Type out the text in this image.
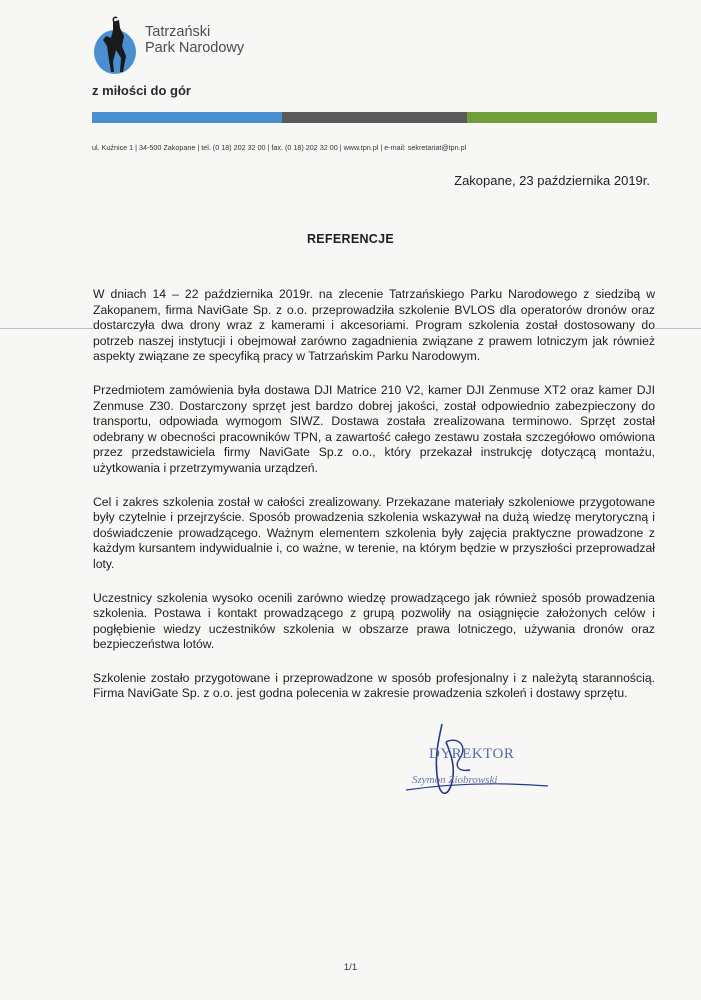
Tatrzański
Park Narodowy
z miłości do gór
ul. Kuźnice 1 | 34-500 Zakopane | tel. (0 18) 202 32 00 | fax. (0 18) 202 32 00 | www.tpn.pl | e-mail: sekretariat@tpn.pl
Zakopane, 23 października 2019r.
REFERENCJE

W dniach 14 – 22 października 2019r. na zlecenie Tatrzańskiego Parku Narodowego z siedzibą w Zakopanem, firma NaviGate Sp. z o.o. przeprowadziła szkolenie BVLOS dla operatorów dronów oraz dostarczyła dwa drony wraz z kamerami i akcesoriami. Program szkolenia został dostosowany do potrzeb naszej instytucji i obejmował zarówno zagadnienia związane z prawem lotniczym jak również aspekty związane ze specyfiką pracy w Tatrzańskim Parku Narodowym.

Przedmiotem zamówienia była dostawa DJI Matrice 210 V2, kamer DJI Zenmuse XT2 oraz kamer DJI Zenmuse Z30. Dostarczony sprzęt jest bardzo dobrej jakości, został odpowiednio zabezpieczony do transportu, odpowiada wymogom SIWZ. Dostawa została zrealizowana terminowo. Sprzęt został odebrany w obecności pracowników TPN, a zawartość całego zestawu została szczegółowo omówiona przez przedstawiciela firmy NaviGate Sp.z o.o., który przekazał instrukcję dotyczącą montażu, użytkowania i przetrzymywania urządzeń.

Cel i zakres szkolenia został w całości zrealizowany. Przekazane materiały szkoleniowe przygotowane były czytelnie i przejrzyście. Sposób prowadzenia szkolenia wskazywał na dużą wiedzę merytoryczną i doświadczenie prowadzącego. Ważnym elementem szkolenia były zajęcia praktyczne prowadzone z każdym kursantem indywidualnie i, co ważne, w terenie, na którym będzie w przyszłości przeprowadzał loty.

Uczestnicy szkolenia wysoko ocenili zarówno wiedzę prowadzącego jak również sposób prowadzenia szkolenia. Postawa i kontakt prowadzącego z grupą pozwoliły na osiągnięcie założonych celów i pogłębienie wiedzy uczestników szkolenia w obszarze prawa lotniczego, używania dronów oraz bezpieczeństwa lotów.

Szkolenie zostało przygotowane i przeprowadzone w sposób profesjonalny i z należytą starannością. Firma NaviGate Sp. z o.o. jest godna polecenia w zakresie prowadzenia szkoleń i dostawy sprzętu.

DYREKTOR
Szymon Ziobrowski
1/1
